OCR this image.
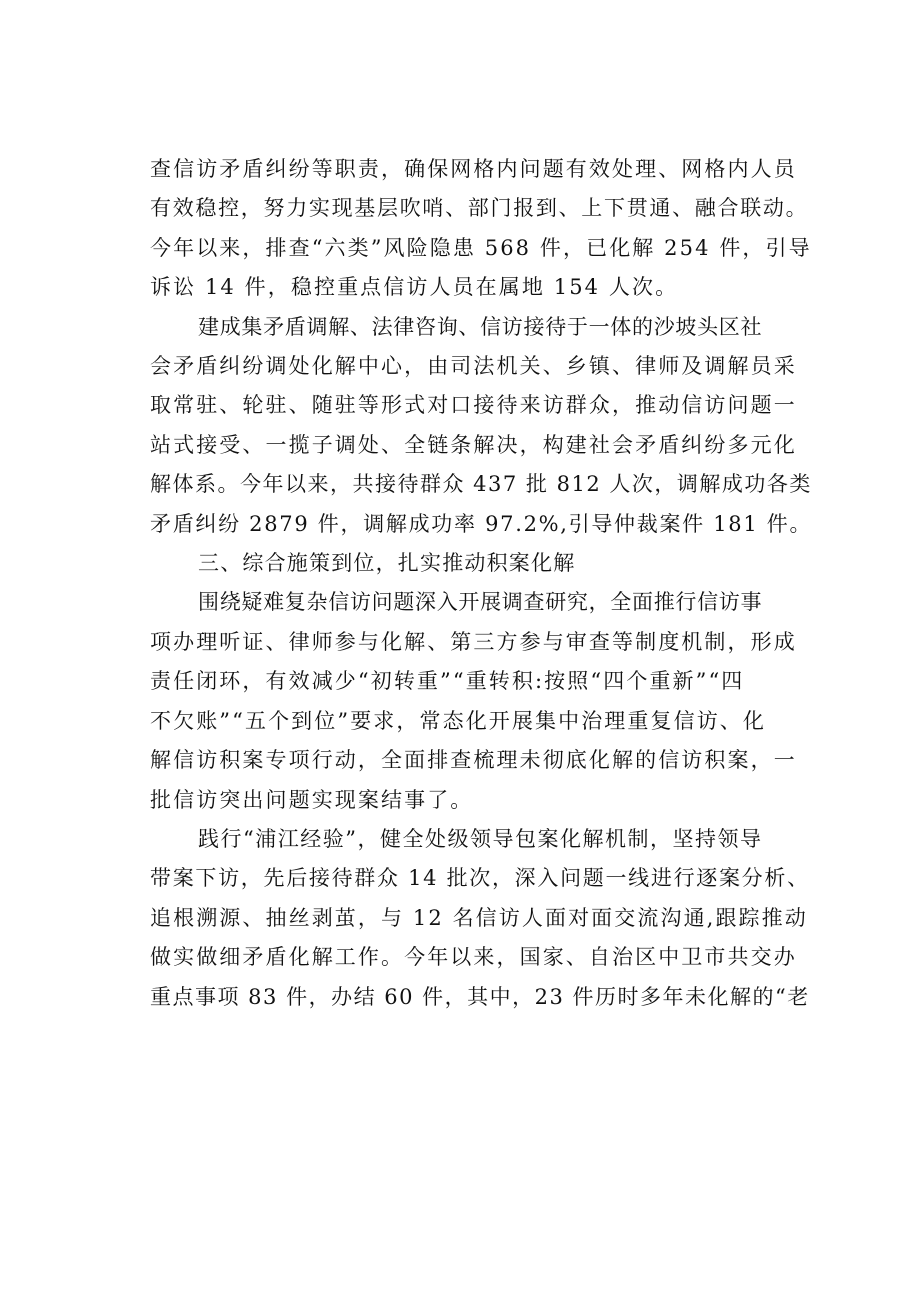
查信访矛盾纠纷等职责，确保网格内问题有效处理、网格内人员
有效稳控，努力实现基层吹哨、部门报到、上下贯通、融合联动。
今年以来，排查“六类”风险隐患 568 件，已化解 254 件，引导
诉讼 14 件，稳控重点信访人员在属地 154 人次。
建成集矛盾调解、法律咨询、信访接待于一体的沙坡头区社
会矛盾纠纷调处化解中心，由司法机关、乡镇、律师及调解员采
取常驻、轮驻、随驻等形式对口接待来访群众，推动信访问题一
站式接受、一揽子调处、全链条解决，构建社会矛盾纠纷多元化
解体系。今年以来，共接待群众 437 批 812 人次，调解成功各类
矛盾纠纷 2879 件，调解成功率 97.2%,引导仲裁案件 181 件。
三、综合施策到位，扎实推动积案化解
围绕疑难复杂信访问题深入开展调查研究，全面推行信访事
项办理听证、律师参与化解、第三方参与审查等制度机制，形成
责任闭环，有效减少“初转重”“重转积:按照“四个重新”“四
不欠账”“五个到位”要求，常态化开展集中治理重复信访、化
解信访积案专项行动，全面排查梳理未彻底化解的信访积案，一
批信访突出问题实现案结事了。
践行“浦江经验”，健全处级领导包案化解机制，坚持领导
带案下访，先后接待群众 14 批次，深入问题一线进行逐案分析、
追根溯源、抽丝剥茧，与 12 名信访人面对面交流沟通,跟踪推动
做实做细矛盾化解工作。今年以来，国家、自治区中卫市共交办
重点事项 83 件，办结 60 件，其中，23 件历时多年未化解的“老
